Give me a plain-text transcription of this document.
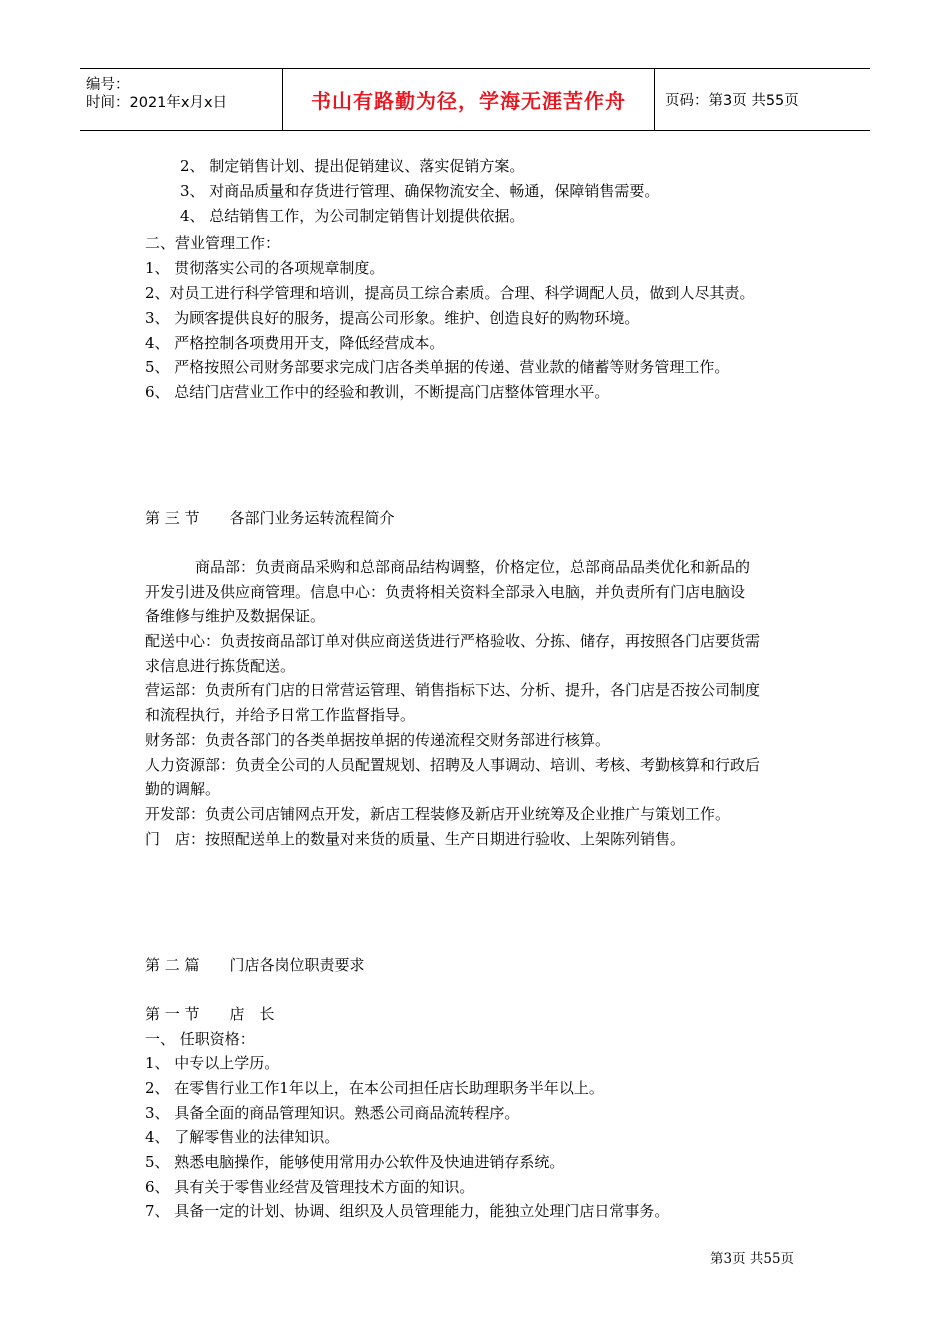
编号：
时间：2021年x月x日	书山有路勤为径，学海无涯苦作舟	页码：第3页 共55页
2、 制定销售计划、提出促销建议、落实促销方案。
3、 对商品质量和存货进行管理、确保物流安全、畅通，保障销售需要。
4、 总结销售工作，为公司制定销售计划提供依据。
二、营业管理工作：
1、 贯彻落实公司的各项规章制度。
2、对员工进行科学管理和培训，提高员工综合素质。合理、科学调配人员，做到人尽其责。
3、 为顾客提供良好的服务，提高公司形象。维护、创造良好的购物环境。
4、 严格控制各项费用开支，降低经营成本。
5、 严格按照公司财务部要求完成门店各类单据的传递、营业款的储蓄等财务管理工作。
6、 总结门店营业工作中的经验和教训，不断提高门店整体管理水平。
第 三 节　　各部门业务运转流程简介
商品部：负责商品采购和总部商品结构调整，价格定位，总部商品品类优化和新品的
开发引进及供应商管理。信息中心：负责将相关资料全部录入电脑，并负责所有门店电脑设
备维修与维护及数据保证。
配送中心：负责按商品部订单对供应商送货进行严格验收、分拣、储存，再按照各门店要货需
求信息进行拣货配送。
营运部：负责所有门店的日常营运管理、销售指标下达、分析、提升，各门店是否按公司制度
和流程执行，并给予日常工作监督指导。
财务部：负责各部门的各类单据按单据的传递流程交财务部进行核算。
人力资源部：负责全公司的人员配置规划、招聘及人事调动、培训、考核、考勤核算和行政后
勤的调解。
开发部：负责公司店铺网点开发，新店工程装修及新店开业统筹及企业推广与策划工作。
门　店：按照配送单上的数量对来货的质量、生产日期进行验收、上架陈列销售。
第 二 篇　　门店各岗位职责要求
第 一 节　　店　长
一、 任职资格：
1、 中专以上学历。
2、 在零售行业工作1年以上，在本公司担任店长助理职务半年以上。
3、 具备全面的商品管理知识。熟悉公司商品流转程序。
4、 了解零售业的法律知识。
5、 熟悉电脑操作，能够使用常用办公软件及快迪进销存系统。
6、 具有关于零售业经营及管理技术方面的知识。
7、 具备一定的计划、协调、组织及人员管理能力，能独立处理门店日常事务。
第3页 共55页
